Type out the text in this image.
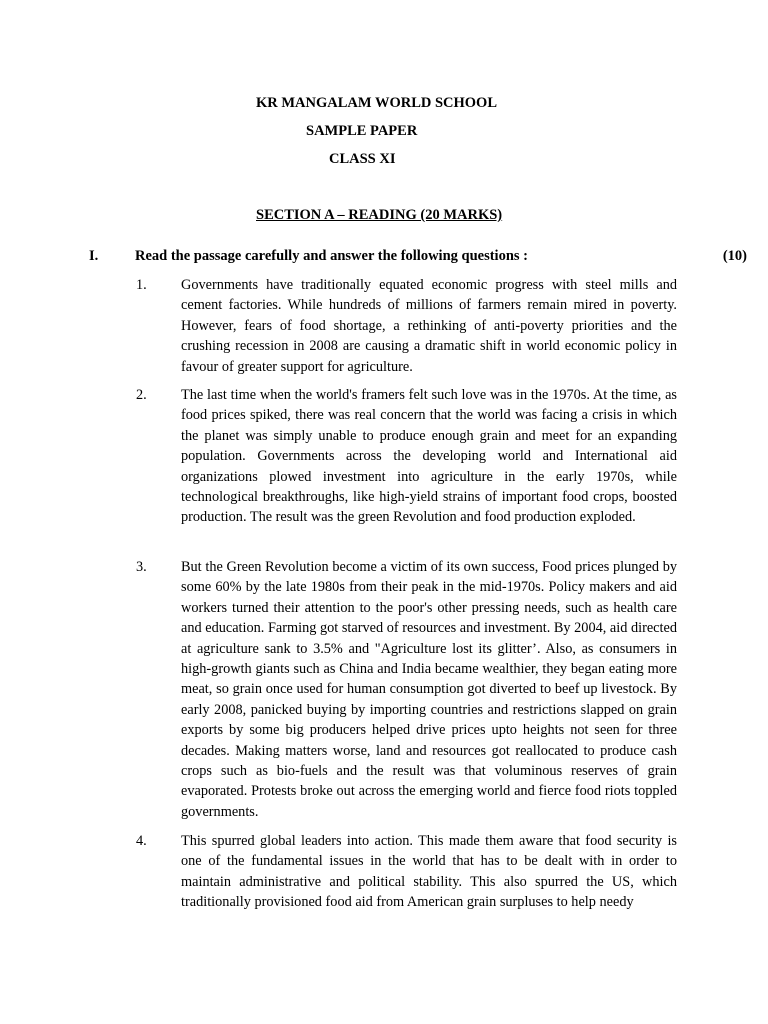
KR MANGALAM WORLD SCHOOL
SAMPLE PAPER
CLASS XI
SECTION A – READING (20 MARKS)
I.	Read the passage carefully and answer the following questions :	(10)
1. Governments have traditionally equated economic progress with steel mills and cement factories. While hundreds of millions of farmers remain mired in poverty. However, fears of food shortage, a rethinking of anti-poverty priorities and the crushing recession in 2008 are causing a dramatic shift in world economic policy in favour of greater support for agriculture.
2. The last time when the world's framers felt such love was in the 1970s. At the time, as food prices spiked, there was real concern that the world was facing a crisis in which the planet was simply unable to produce enough grain and meet for an expanding population. Governments across the developing world and International aid organizations plowed investment into agriculture in the early 1970s, while technological breakthroughs, like high-yield strains of important food crops, boosted production. The result was the green Revolution and food production exploded.
3. But the Green Revolution become a victim of its own success, Food prices plunged by some 60% by the late 1980s from their peak in the mid-1970s. Policy makers and aid workers turned their attention to the poor's other pressing needs, such as health care and education. Farming got starved of resources and investment. By 2004, aid directed at agriculture sank to 3.5% and "Agriculture lost its glitter’. Also, as consumers in high-growth giants such as China and India became wealthier, they began eating more meat, so grain once used for human consumption got diverted to beef up livestock. By early 2008, panicked buying by importing countries and restrictions slapped on grain exports by some big producers helped drive prices upto heights not seen for three decades. Making matters worse, land and resources got reallocated to produce cash crops such as bio-fuels and the result was that voluminous reserves of grain evaporated. Protests broke out across the emerging world and fierce food riots toppled governments.
4. This spurred global leaders into action. This made them aware that food security is one of the fundamental issues in the world that has to be dealt with in order to maintain administrative and political stability. This also spurred the US, which traditionally provisioned food aid from American grain surpluses to help needy
